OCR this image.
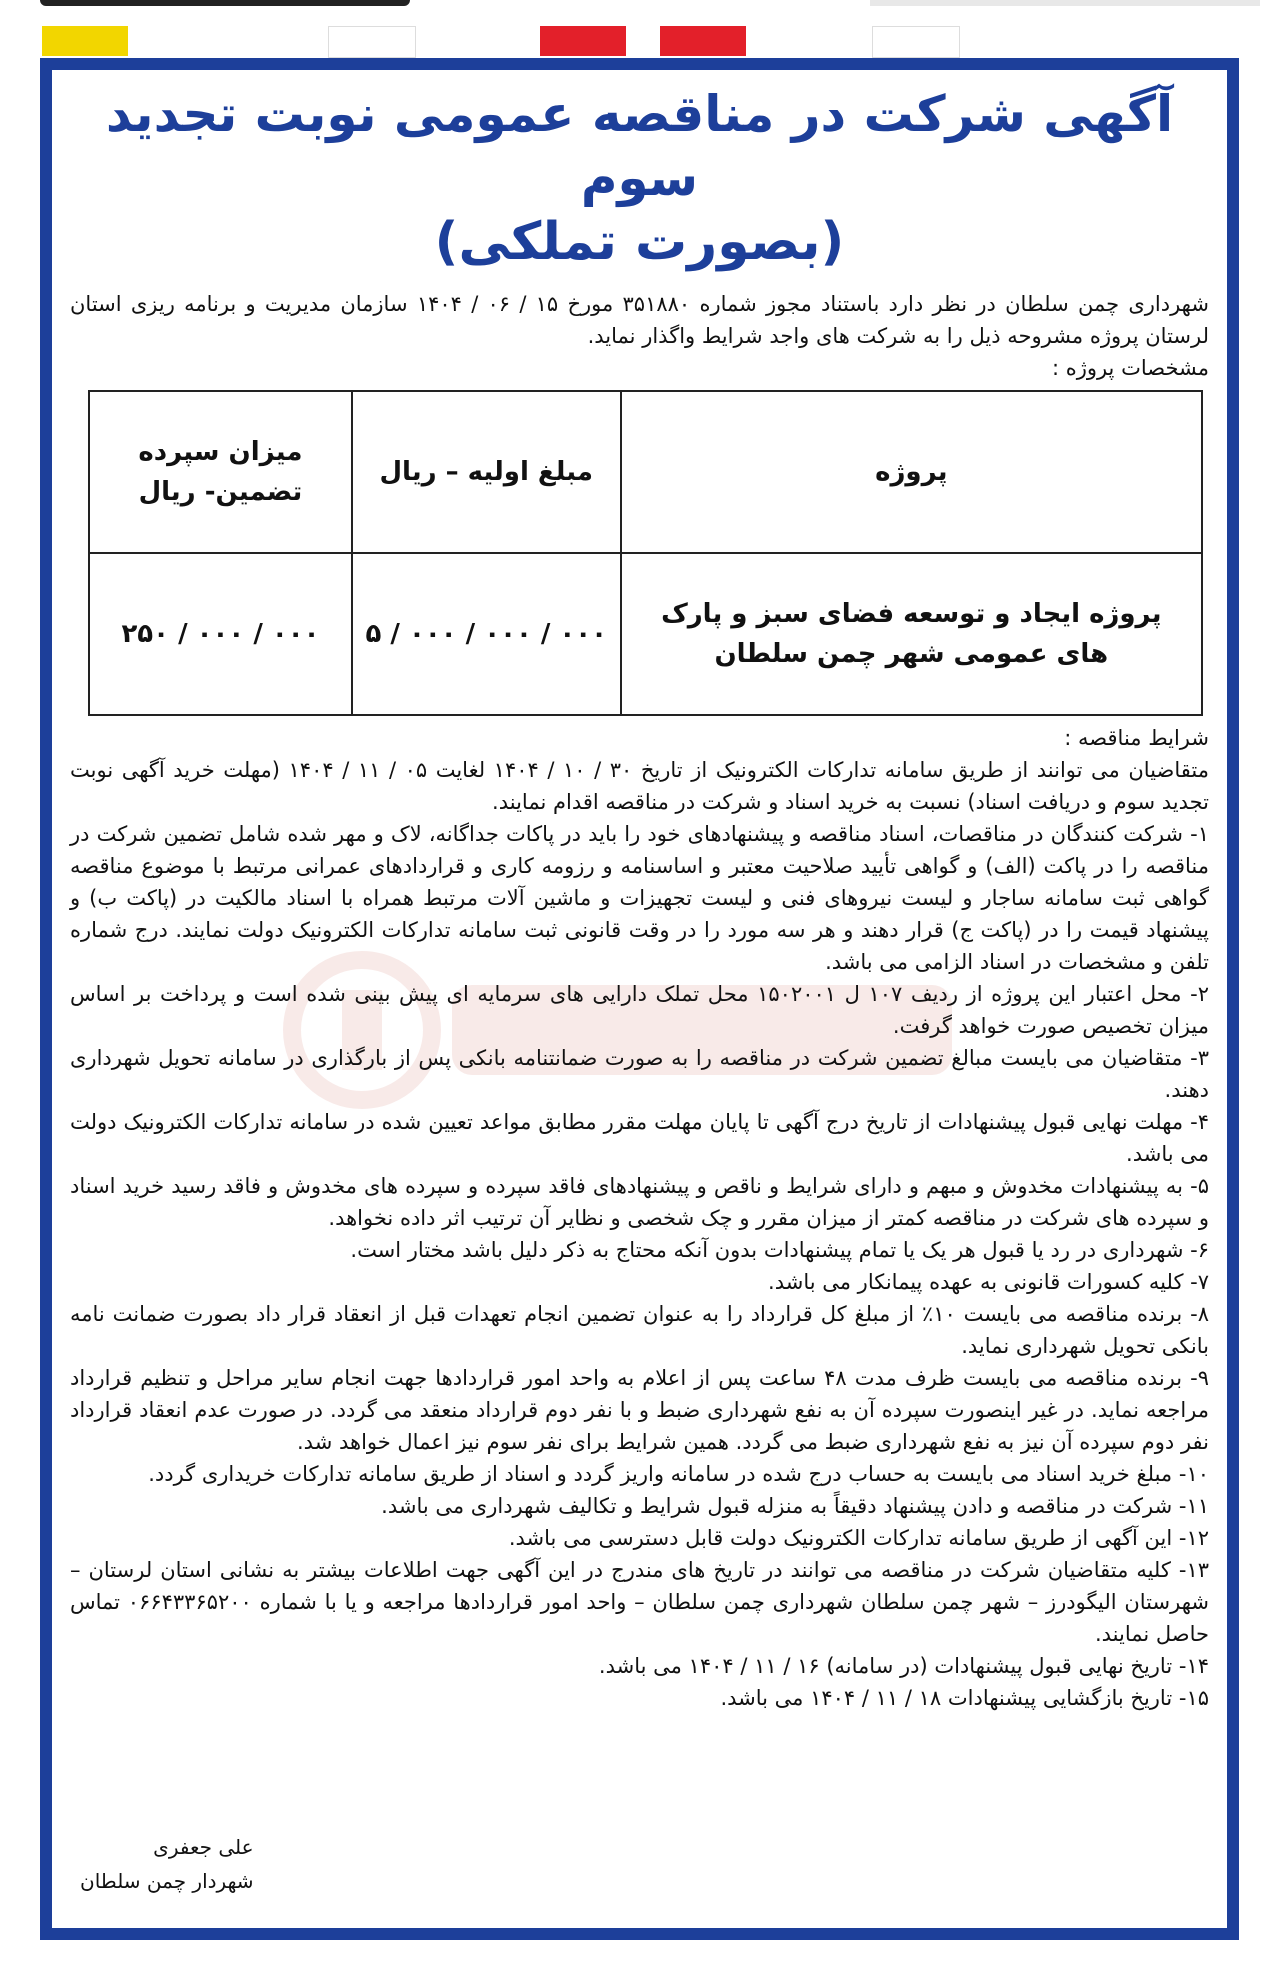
آگهی شرکت در مناقصه عمومی نوبت تجدید سوم
(بصورت تملکی)

شهرداری چمن سلطان در نظر دارد باستناد مجوز شماره ۳۵۱۸۸۰ مورخ ۱۵ / ۰۶ / ۱۴۰۴ سازمان مدیریت و برنامه ریزی استان لرستان پروژه مشروحه ذیل را به شرکت های واجد شرایط واگذار نماید.

مشخصات پروژه :

پروژه	مبلغ اولیه – ریال	میزان سپرده تضمین- ریال
پروژه ایجاد و توسعه فضای سبز و پارک های عمومی شهر چمن سلطان	۰۰۰ / ۰۰۰ / ۰۰۰ / ۵	۰۰۰ / ۰۰۰ / ۲۵۰

شرایط مناقصه :

متقاضیان می توانند از طریق سامانه تدارکات الکترونیک از تاریخ ۳۰ / ۱۰ / ۱۴۰۴ لغایت ۰۵ / ۱۱ / ۱۴۰۴ (مهلت خرید آگهی نوبت تجدید سوم و دریافت اسناد) نسبت به خرید اسناد و شرکت در مناقصه اقدام نمایند.

۱- شرکت کنندگان در مناقصات، اسناد مناقصه و پیشنهادهای خود را باید در پاکات جداگانه، لاک و مهر شده شامل تضمین شرکت در مناقصه را در پاکت (الف) و گواهی تأیید صلاحیت معتبر و اساسنامه و رزومه کاری و قراردادهای عمرانی مرتبط با موضوع مناقصه گواهی ثبت سامانه ساجار و لیست نیروهای فنی و لیست تجهیزات و ماشین آلات مرتبط همراه با اسناد مالکیت در (پاکت ب) و پیشنهاد قیمت را در (پاکت ج) قرار دهند و هر سه مورد را در وقت قانونی ثبت سامانه تدارکات الکترونیک دولت نمایند. درج شماره تلفن و مشخصات در اسناد الزامی می باشد.

۲- محل اعتبار این پروژه از ردیف ۱۰۷ ل ۱۵۰۲۰۰۱ محل تملک دارایی های سرمایه ای پیش بینی شده است و پرداخت بر اساس میزان تخصیص صورت خواهد گرفت.

۳- متقاضیان می بایست مبالغ تضمین شرکت در مناقصه را به صورت ضمانتنامه بانکی پس از بارگذاری در سامانه تحویل شهرداری دهند.

۴- مهلت نهایی قبول پیشنهادات از تاریخ درج آگهی تا پایان مهلت مقرر مطابق مواعد تعیین شده در سامانه تدارکات الکترونیک دولت می باشد.

۵- به پیشنهادات مخدوش و مبهم و دارای شرایط و ناقص و پیشنهادهای فاقد سپرده و سپرده های مخدوش و فاقد رسید خرید اسناد و سپرده های شرکت در مناقصه کمتر از میزان مقرر و چک شخصی و نظایر آن ترتیب اثر داده نخواهد.

۶- شهرداری در رد یا قبول هر یک یا تمام پیشنهادات بدون آنکه محتاج به ذکر دلیل باشد مختار است.

۷- کلیه کسورات قانونی به عهده پیمانکار می باشد.

۸- برنده مناقصه می بایست ۱۰٪ از مبلغ کل قرارداد را به عنوان تضمین انجام تعهدات قبل از انعقاد قرار داد بصورت ضمانت نامه بانکی تحویل شهرداری نماید.

۹- برنده مناقصه می بایست ظرف مدت ۴۸ ساعت پس از اعلام به واحد امور قراردادها جهت انجام سایر مراحل و تنظیم قرارداد مراجعه نماید. در غیر اینصورت سپرده آن به نفع شهرداری ضبط و با نفر دوم قرارداد منعقد می گردد. در صورت عدم انعقاد قرارداد نفر دوم سپرده آن نیز به نفع شهرداری ضبط می گردد. همین شرایط برای نفر سوم نیز اعمال خواهد شد.

۱۰- مبلغ خرید اسناد می بایست به حساب درج شده در سامانه واریز گردد و اسناد از طریق سامانه تدارکات خریداری گردد.

۱۱- شرکت در مناقصه و دادن پیشنهاد دقیقاً به منزله قبول شرایط و تکالیف شهرداری می باشد.

۱۲- این آگهی از طریق سامانه تدارکات الکترونیک دولت قابل دسترسی می باشد.

۱۳- کلیه متقاضیان شرکت در مناقصه می توانند در تاریخ های مندرج در این آگهی جهت اطلاعات بیشتر به نشانی استان لرستان – شهرستان الیگودرز – شهر چمن سلطان شهرداری چمن سلطان – واحد امور قراردادها مراجعه و یا با شماره ۰۶۶۴۳۳۶۵۲۰۰ تماس حاصل نمایند.

۱۴- تاریخ نهایی قبول پیشنهادات (در سامانه) ۱۶ / ۱۱ / ۱۴۰۴ می باشد.

۱۵- تاریخ بازگشایی پیشنهادات ۱۸ / ۱۱ / ۱۴۰۴ می باشد.

علی جعفری
شهردار چمن سلطان
